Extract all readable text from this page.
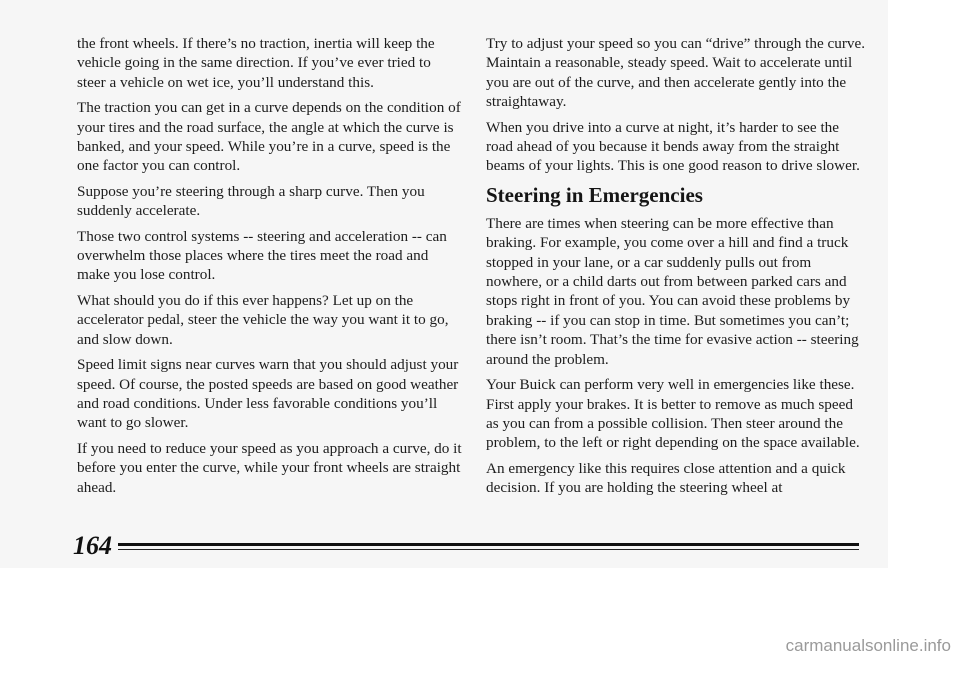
the front wheels. If there’s no traction, inertia will keep the vehicle going in the same direction. If you’ve ever tried to steer a vehicle on wet ice, you’ll understand this.

The traction you can get in a curve depends on the condition of your tires and the road surface, the angle at which the curve is banked, and your speed. While you’re in a curve, speed is the one factor you can control.

Suppose you’re steering through a sharp curve. Then you suddenly accelerate.

Those two control systems -- steering and acceleration -- can overwhelm those places where the tires meet the road and make you lose control.

What should you do if this ever happens? Let up on the accelerator pedal, steer the vehicle the way you want it to go, and slow down.

Speed limit signs near curves warn that you should adjust your speed. Of course, the posted speeds are based on good weather and road conditions. Under less favorable conditions you’ll want to go slower.

If you need to reduce your speed as you approach a curve, do it before you enter the curve, while your front wheels are straight ahead.

Try to adjust your speed so you can “drive” through the curve. Maintain a reasonable, steady speed. Wait to accelerate until you are out of the curve, and then accelerate gently into the straightaway.

When you drive into a curve at night, it’s harder to see the road ahead of you because it bends away from the straight beams of your lights. This is one good reason to drive slower.

Steering in Emergencies

There are times when steering can be more effective than braking. For example, you come over a hill and find a truck stopped in your lane, or a car suddenly pulls out from nowhere, or a child darts out from between parked cars and stops right in front of you. You can avoid these problems by braking -- if you can stop in time. But sometimes you can’t; there isn’t room. That’s the time for evasive action -- steering around the problem.

Your Buick can perform very well in emergencies like these. First apply your brakes. It is better to remove as much speed as you can from a possible collision. Then steer around the problem, to the left or right depending on the space available.

An emergency like this requires close attention and a quick decision. If you are holding the steering wheel at

164
carmanualsonline.info
